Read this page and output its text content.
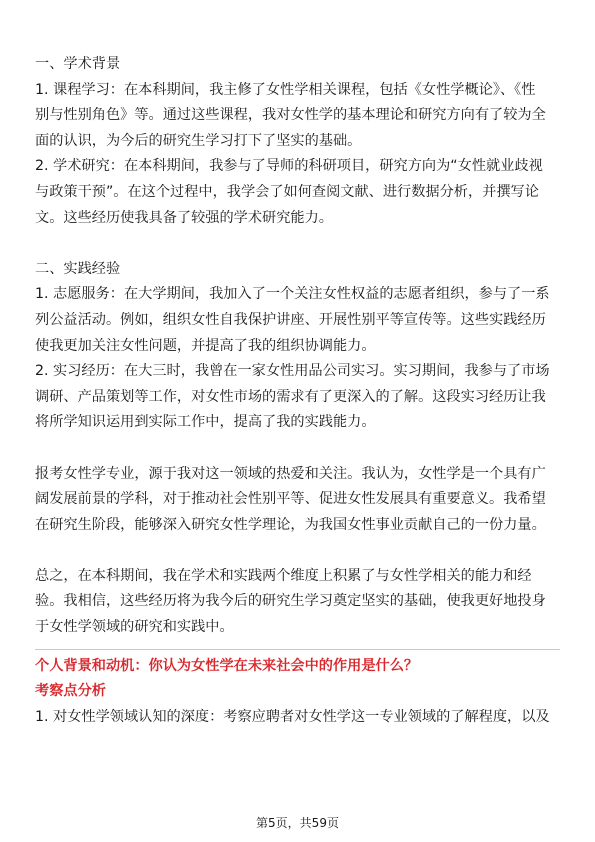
一、学术背景
1. 课程学习：在本科期间，我主修了女性学相关课程，包括《女性学概论》、《性
别与性别角色》等。通过这些课程，我对女性学的基本理论和研究方向有了较为全
面的认识，为今后的研究生学习打下了坚实的基础。
2. 学术研究：在本科期间，我参与了导师的科研项目，研究方向为“女性就业歧视
与政策干预”。在这个过程中，我学会了如何查阅文献、进行数据分析，并撰写论
文。这些经历使我具备了较强的学术研究能力。
二、实践经验
1. 志愿服务：在大学期间，我加入了一个关注女性权益的志愿者组织，参与了一系
列公益活动。例如，组织女性自我保护讲座、开展性别平等宣传等。这些实践经历
使我更加关注女性问题，并提高了我的组织协调能力。
2. 实习经历：在大三时，我曾在一家女性用品公司实习。实习期间，我参与了市场
调研、产品策划等工作，对女性市场的需求有了更深入的了解。这段实习经历让我
将所学知识运用到实际工作中，提高了我的实践能力。
报考女性学专业，源于我对这一领域的热爱和关注。我认为，女性学是一个具有广
阔发展前景的学科，对于推动社会性别平等、促进女性发展具有重要意义。我希望
在研究生阶段，能够深入研究女性学理论，为我国女性事业贡献自己的一份力量。
总之，在本科期间，我在学术和实践两个维度上积累了与女性学相关的能力和经
验。我相信，这些经历将为我今后的研究生学习奠定坚实的基础，使我更好地投身
于女性学领域的研究和实践中。
个人背景和动机：你认为女性学在未来社会中的作用是什么？
考察点分析
1. 对女性学领域认知的深度：考察应聘者对女性学这一专业领域的了解程度，以及
第5页，共59页
